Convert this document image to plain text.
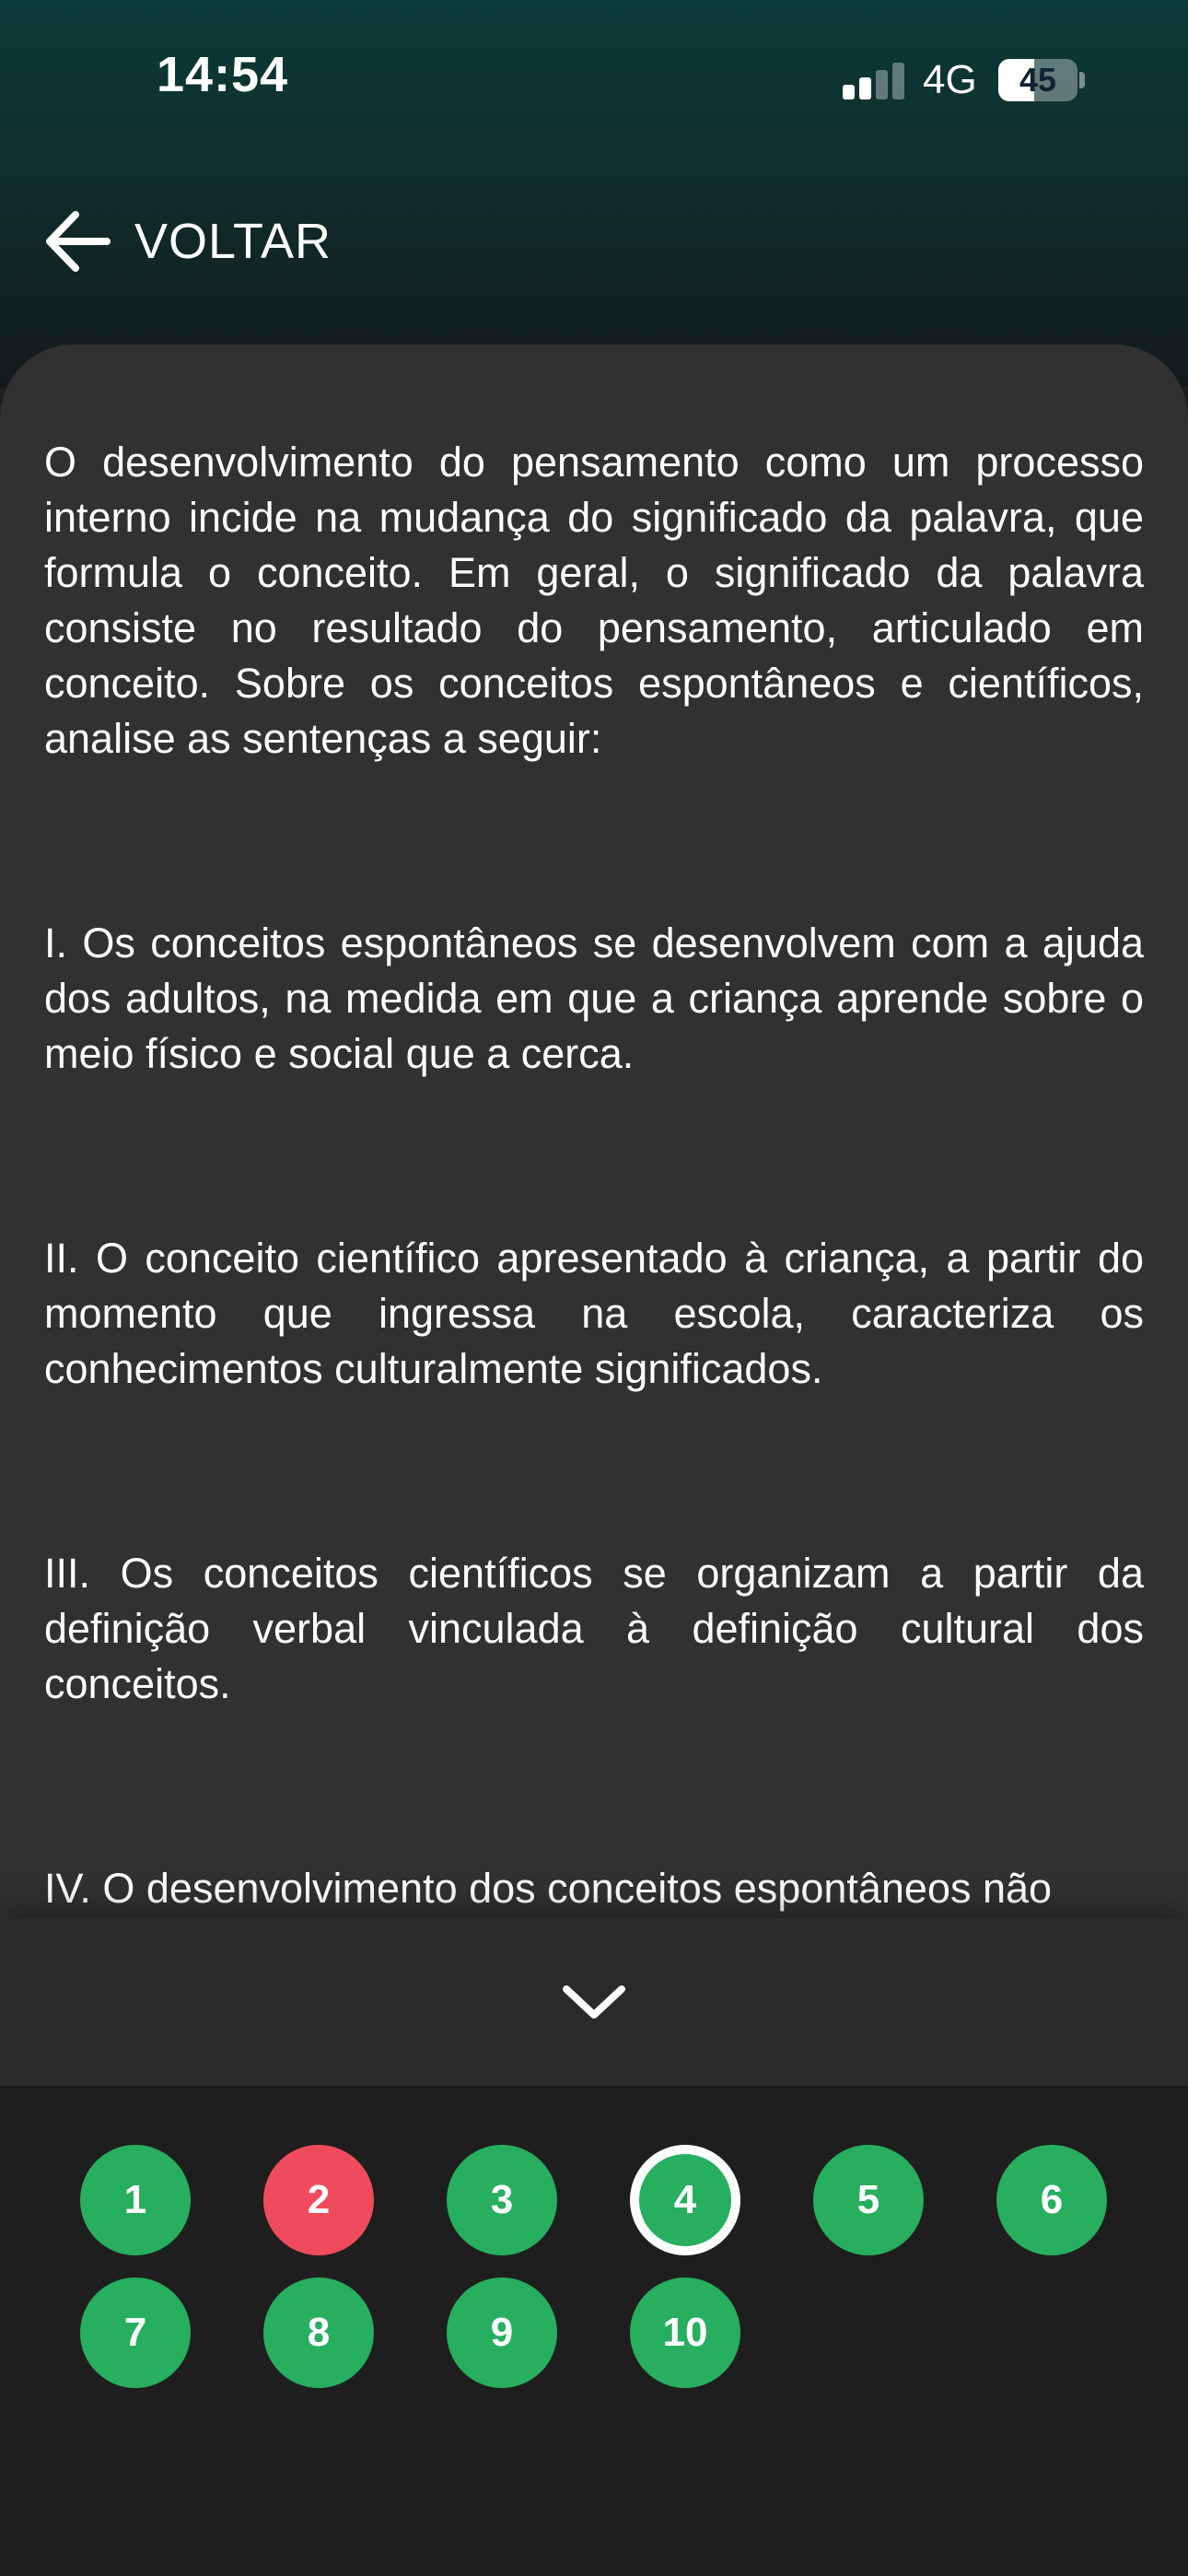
14:54	4G	45
VOLTAR

O desenvolvimento do pensamento como um processo interno incide na mudança do significado da palavra, que formula o conceito. Em geral, o significado da palavra consiste no resultado do pensamento, articulado em conceito. Sobre os conceitos espontâneos e científicos, analise as sentenças a seguir:

I. Os conceitos espontâneos se desenvolvem com a ajuda dos adultos, na medida em que a criança aprende sobre o meio físico e social que a cerca.

II. O conceito científico apresentado à criança, a partir do momento que ingressa na escola, caracteriza os conhecimentos culturalmente significados.

III. Os conceitos científicos se organizam a partir da definição verbal vinculada à definição cultural dos conceitos.

IV. O desenvolvimento dos conceitos espontâneos não

1	2	3	4	5	6
7	8	9	10
